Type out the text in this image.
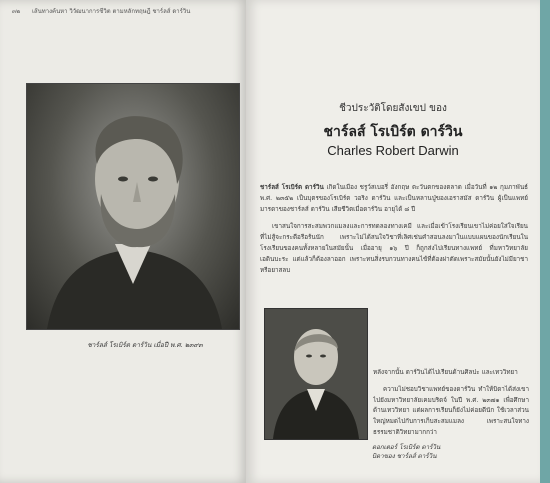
๓๒ เส้นทางค้นหา วิวัฒนาการชีวิต ตามหลักทฤษฎี ชาร์ลส์ ดาร์วิน
ชาร์ลส์ โรเบิร์ต ดาร์วิน เมื่อปี พ.ศ. ๒๓๙๓
ชีวประวัติโดยสังเขป ของ
ชาร์ลส์ โรเบิร์ต ดาร์วิน
Charles Robert Darwin

ชาร์ลส์ โรเบิร์ต ดาร์วิน เกิดในเมือง ชรูว์สเบอรี่ อังกฤษ ตะวันตกของตลาด เมื่อวันที่ ๑๒ กุมภาพันธ์ พ.ศ. ๒๓๕๒ เป็นบุตรของโรเบิร์ต วอริง ดาร์วิน และเป็นหลานปู่ของเอราสมัส ดาร์วิน ผู้เป็นแพทย์ มารดาของชาร์ลส์ ดาร์วิน เสียชีวิตเมื่อดาร์วิน อายุได้ ๘ ปี

เขาสนใจการสะสมพวกแมลงและการทดลองทางเคมี และเมื่อเข้าโรงเรียนเขาไม่ค่อยใส่ใจเรียนที่ไม่สู้จะกระตือรือร้นนัก เพราะไม่ได้สนใจวิชาที่เลิศเช่นคำสอนลงมาในแบบแผนของนักเรียนในโรงเรียนของคนทั้งหลายในสมัยนั้น เมื่ออายุ ๑๖ ปี ก็ถูกส่งไปเรียนทางแพทย์ ที่มหาวิทยาลัยเอดินบะระ แต่แล้วก็ต้องลาออก เพราะทนสิ่งรบกวนทางคนไข้ที่ต้องผ่าตัดเพราะสมัยนั้นยังไม่มียาชาหรือยาสลบ

หลังจากนั้น ดาร์วินได้ไปเรียนด้านศิลปะ และเทววิทยา
ความไม่ชอบวิชาแพทย์ของดาร์วิน ทำให้บิดาได้ส่งเขาไปยังมหาวิทยาลัยเคมบริดจ์ ในปี พ.ศ. ๒๓๗๑ เพื่อศึกษาด้านเทววิทยา แต่ผลการเรียนก็ยังไม่ค่อยดีนัก ใช้เวลาส่วนใหญ่หมดไปกับการเก็บสะสมแมลง เพราะสนใจทางธรรมชาติวิทยามากกว่า
ดอกเตอร์ โรเบิร์ต ดาร์วิน
บิดาของ ชาร์ลส์ ดาร์วิน
